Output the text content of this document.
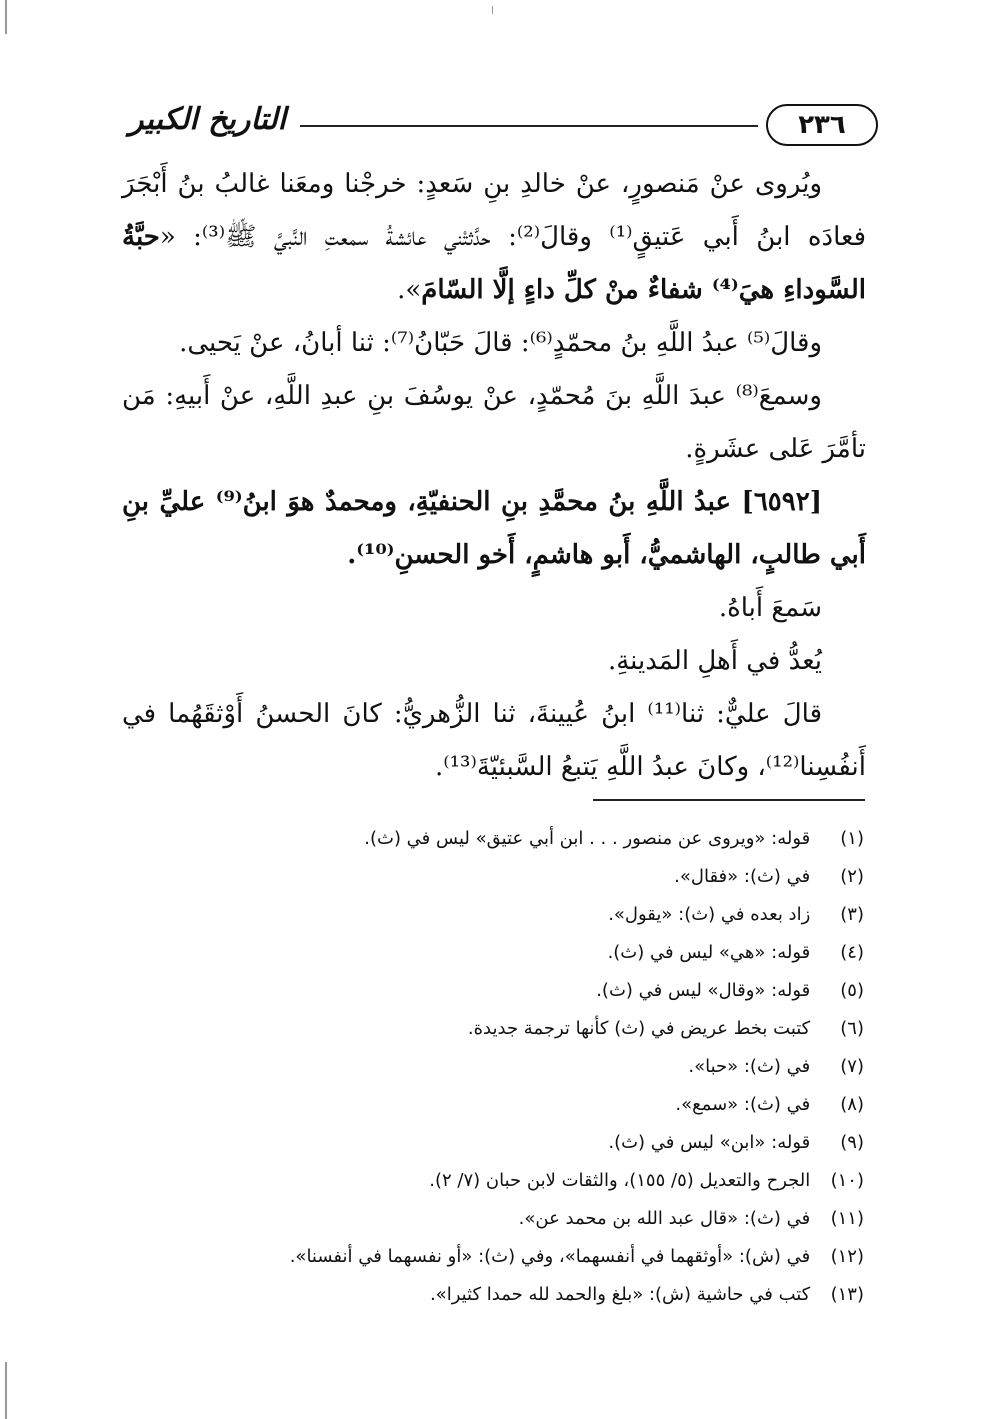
التاريخ الكبير	٢٣٦

ويُروى عنْ مَنصورٍ، عنْ خالدِ بنِ سَعدٍ: خرجْنا ومعَنا غالبُ بنُ أَبْجَرَ فعادَه ابنُ أَبي عَتيقٍ⁽¹⁾ وقالَ⁽²⁾: حدَّثتْني عائشةُ سمعتِ النَّبيَّ ﷺ⁽³⁾: «حبَّةُ السَّوداءِ هيَ⁽⁴⁾ شفاءٌ منْ كلِّ داءٍ إلَّا السّامَ».

وقالَ⁽⁵⁾ عبدُ اللَّهِ بنُ محمّدٍ⁽⁶⁾: قالَ حَبّانُ⁽⁷⁾: ثنا أبانُ، عنْ يَحيى.

وسمعَ⁽⁸⁾ عبدَ اللَّهِ بنَ مُحمّدٍ، عنْ يوسُفَ بنِ عبدِ اللَّهِ، عنْ أَبيهِ: مَن تأمَّرَ عَلى عشَرةٍ.

[٦٥٩٢] عبدُ اللَّهِ بنُ محمَّدِ بنِ الحنفيّةِ، ومحمدٌ هوَ ابنُ⁽⁹⁾ عليِّ بنِ أَبي طالبٍ، الهاشميُّ، أَبو هاشمٍ، أَخو الحسنِ⁽¹⁰⁾.

سَمعَ أَباهُ.

يُعدُّ في أَهلِ المَدينةِ.

قالَ عليٌّ: ثنا⁽¹¹⁾ ابنُ عُيينةَ، ثنا الزُّهريُّ: كانَ الحسنُ أَوْثقَهُما في أَنفُسِنا⁽¹²⁾، وكانَ عبدُ اللَّهِ يَتبعُ السَّبئيّةَ⁽¹³⁾.

(١) قوله: «ويروى عن منصور . . . ابن أبي عتيق» ليس في (ث).
(٢) في (ث): «فقال».
(٣) زاد بعده في (ث): «يقول».
(٤) قوله: «هي» ليس في (ث).
(٥) قوله: «وقال» ليس في (ث).
(٦) كتبت بخط عريض في (ث) كأنها ترجمة جديدة.
(٧) في (ث): «حبا».
(٨) في (ث): «سمع».
(٩) قوله: «ابن» ليس في (ث).
(١٠) الجرح والتعديل (٥/ ١٥٥)، والثقات لابن حبان (٧/ ٢).
(١١) في (ث): «قال عبد الله بن محمد عن».
(١٢) في (ش): «أوثقهما في أنفسهما»، وفي (ث): «أو نفسهما في أنفسنا».
(١٣) كتب في حاشية (ش): «بلغ والحمد لله حمدا كثيرا».
